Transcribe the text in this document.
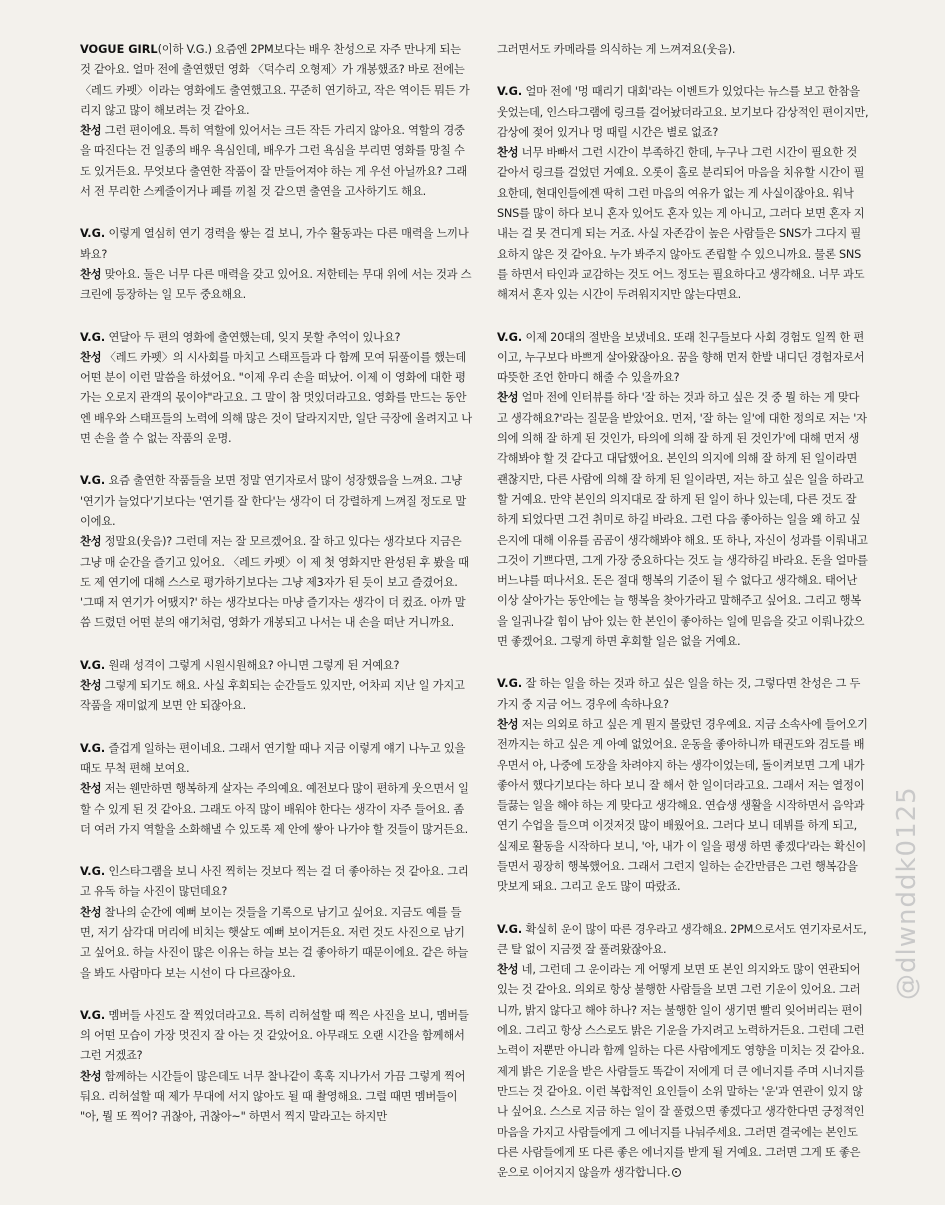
VOGUE GIRL(이하 V.G.) 요즘엔 2PM보다는 배우 찬성으로 자주 만나게 되는 것 같아요. 얼마 전에 출연했던 영화 〈덕수리 오형제〉가 개봉했죠? 바로 전에는 〈레드 카펫〉이라는 영화에도 출연했고요. 꾸준히 연기하고, 작은 역이든 뭐든 가리지 않고 많이 해보려는 것 같아요.

찬성 그런 편이에요. 특히 역할에 있어서는 크든 작든 가리지 않아요. 역할의 경중을 따진다는 건 일종의 배우 욕심인데, 배우가 그런 욕심을 부리면 영화를 망칠 수도 있거든요. 무엇보다 출연한 작품이 잘 만들어져야 하는 게 우선 아닐까요? 그래서 전 무리한 스케줄이거나 폐를 끼칠 것 같으면 출연을 고사하기도 해요.

V.G. 이렇게 열심히 연기 경력을 쌓는 걸 보니, 가수 활동과는 다른 매력을 느끼나 봐요?

찬성 맞아요. 둘은 너무 다른 매력을 갖고 있어요. 저한테는 무대 위에 서는 것과 스크린에 등장하는 일 모두 중요해요.

V.G. 연달아 두 편의 영화에 출연했는데, 잊지 못할 추억이 있나요?

찬성 〈레드 카펫〉의 시사회를 마치고 스태프들과 다 함께 모여 뒤풀이를 했는데 어떤 분이 이런 말씀을 하셨어요. "이제 우리 손을 떠났어. 이제 이 영화에 대한 평가는 오로지 관객의 몫이야"라고요. 그 말이 참 멋있더라고요. 영화를 만드는 동안엔 배우와 스태프들의 노력에 의해 많은 것이 달라지지만, 일단 극장에 올려지고 나면 손을 쓸 수 없는 작품의 운명.

V.G. 요즘 출연한 작품들을 보면 정말 연기자로서 많이 성장했음을 느껴요. 그냥 '연기가 늘었다'기보다는 '연기를 잘 한다'는 생각이 더 강렬하게 느껴질 정도로 말이에요.

찬성 정말요(웃음)? 그런데 저는 잘 모르겠어요. 잘 하고 있다는 생각보다 지금은 그냥 매 순간을 즐기고 있어요. 〈레드 카펫〉이 제 첫 영화지만 완성된 후 봤을 때도 제 연기에 대해 스스로 평가하기보다는 그냥 제3자가 된 듯이 보고 즐겼어요. '그때 저 연기가 어땠지?' 하는 생각보다는 마냥 즐기자는 생각이 더 컸죠. 아까 말씀 드렸던 어떤 분의 얘기처럼, 영화가 개봉되고 나서는 내 손을 떠난 거니까요.

V.G. 원래 성격이 그렇게 시원시원해요? 아니면 그렇게 된 거예요?

찬성 그렇게 되기도 해요. 사실 후회되는 순간들도 있지만, 어차피 지난 일 가지고 작품을 재미없게 보면 안 되잖아요.

V.G. 즐겁게 일하는 편이네요. 그래서 연기할 때나 지금 이렇게 얘기 나누고 있을 때도 무척 편해 보여요.

찬성 저는 웬만하면 행복하게 살자는 주의예요. 예전보다 많이 편하게 웃으면서 일할 수 있게 된 것 같아요. 그래도 아직 많이 배워야 한다는 생각이 자주 들어요. 좀더 여러 가지 역할을 소화해낼 수 있도록 제 안에 쌓아 나가야 할 것들이 많거든요.

V.G. 인스타그램을 보니 사진 찍히는 것보다 찍는 걸 더 좋아하는 것 같아요. 그리고 유독 하늘 사진이 많던데요?

찬성 찰나의 순간에 예뻐 보이는 것들을 기록으로 남기고 싶어요. 지금도 예를 들면, 저기 삼각대 머리에 비치는 햇살도 예뻐 보이거든요. 저런 것도 사진으로 남기고 싶어요. 하늘 사진이 많은 이유는 하늘 보는 걸 좋아하기 때문이에요. 같은 하늘을 봐도 사람마다 보는 시선이 다 다르잖아요.

V.G. 멤버들 사진도 잘 찍었더라고요. 특히 리허설할 때 찍은 사진을 보니, 멤버들의 어떤 모습이 가장 멋진지 잘 아는 것 같았어요. 아무래도 오랜 시간을 함께해서 그런 거겠죠?

찬성 함께하는 시간들이 많은데도 너무 찰나같이 훅훅 지나가서 가끔 그렇게 찍어둬요. 리허설할 때 제가 무대에 서지 않아도 될 때 촬영해요. 그럴 때면 멤버들이 "아, 뭘 또 찍어? 귀찮아, 귀찮아~" 하면서 찍지 말라고는 하지만

그러면서도 카메라를 의식하는 게 느껴져요(웃음).

V.G. 얼마 전에 '멍 때리기 대회'라는 이벤트가 있었다는 뉴스를 보고 한참을 웃었는데, 인스타그램에 링크를 걸어놨더라고요. 보기보다 감상적인 편이지만, 감상에 젖어 있거나 멍 때릴 시간은 별로 없죠?

찬성 너무 바빠서 그런 시간이 부족하긴 한데, 누구나 그런 시간이 필요한 것 같아서 링크를 걸었던 거예요. 오롯이 홀로 분리되어 마음을 치유할 시간이 필요한데, 현대인들에겐 딱히 그런 마음의 여유가 없는 게 사실이잖아요. 워낙 SNS를 많이 하다 보니 혼자 있어도 혼자 있는 게 아니고, 그러다 보면 혼자 지내는 걸 못 견디게 되는 거죠. 사실 자존감이 높은 사람들은 SNS가 그다지 필요하지 않은 것 같아요. 누가 봐주지 않아도 존립할 수 있으니까요. 물론 SNS를 하면서 타인과 교감하는 것도 어느 정도는 필요하다고 생각해요. 너무 과도해져서 혼자 있는 시간이 두려워지지만 않는다면요.

V.G. 이제 20대의 절반을 보냈네요. 또래 친구들보다 사회 경험도 일찍 한 편이고, 누구보다 바쁘게 살아왔잖아요. 꿈을 향해 먼저 한발 내디딘 경험자로서 따뜻한 조언 한마디 해줄 수 있을까요?

찬성 얼마 전에 인터뷰를 하다 '잘 하는 것과 하고 싶은 것 중 뭘 하는 게 맞다고 생각해요?'라는 질문을 받았어요. 먼저, '잘 하는 일'에 대한 정의로 저는 '자의에 의해 잘 하게 된 것인가, 타의에 의해 잘 하게 된 것인가'에 대해 먼저 생각해봐야 할 것 같다고 대답했어요. 본인의 의지에 의해 잘 하게 된 일이라면 괜찮지만, 다른 사람에 의해 잘 하게 된 일이라면, 저는 하고 싶은 일을 하라고 할 거예요. 만약 본인의 의지대로 잘 하게 된 일이 하나 있는데, 다른 것도 잘 하게 되었다면 그건 취미로 하길 바라요. 그런 다음 좋아하는 일을 왜 하고 싶은지에 대해 이유를 곰곰이 생각해봐야 해요. 또 하나, 자신이 성과를 이뤄내고 그것이 기쁘다면, 그게 가장 중요하다는 것도 늘 생각하길 바라요. 돈을 얼마를 버느냐를 떠나서요. 돈은 절대 행복의 기준이 될 수 없다고 생각해요. 태어난 이상 살아가는 동안에는 늘 행복을 찾아가라고 말해주고 싶어요. 그리고 행복을 일궈나갈 힘이 남아 있는 한 본인이 좋아하는 일에 믿음을 갖고 이뤄나갔으면 좋겠어요. 그렇게 하면 후회할 일은 없을 거예요.

V.G. 잘 하는 일을 하는 것과 하고 싶은 일을 하는 것, 그렇다면 찬성은 그 두 가지 중 지금 어느 경우에 속하나요?

찬성 저는 의외로 하고 싶은 게 뭔지 몰랐던 경우예요. 지금 소속사에 들어오기 전까지는 하고 싶은 게 아예 없었어요. 운동을 좋아하니까 태권도와 검도를 배우면서 아, 나중에 도장을 차려야지 하는 생각이었는데, 돌이켜보면 그게 내가 좋아서 했다기보다는 하다 보니 잘 해서 한 일이더라고요. 그래서 저는 열정이 들끓는 일을 해야 하는 게 맞다고 생각해요. 연습생 생활을 시작하면서 음악과 연기 수업을 들으며 이것저것 많이 배웠어요. 그러다 보니 데뷔를 하게 되고, 실제로 활동을 시작하다 보니, '아, 내가 이 일을 평생 하면 좋겠다'라는 확신이 들면서 굉장히 행복했어요. 그래서 그런지 일하는 순간만큼은 그런 행복감을 맛보게 돼요. 그리고 운도 많이 따랐죠.

V.G. 확실히 운이 많이 따른 경우라고 생각해요. 2PM으로서도 연기자로서도, 큰 탈 없이 지금껏 잘 풀려왔잖아요.

찬성 네, 그런데 그 운이라는 게 어떻게 보면 또 본인 의지와도 많이 연관되어 있는 것 같아요. 의외로 항상 불행한 사람들을 보면 그런 기운이 있어요. 그러니까, 밝지 않다고 해야 하나? 저는 불행한 일이 생기면 빨리 잊어버리는 편이에요. 그리고 항상 스스로도 밝은 기운을 가지려고 노력하거든요. 그런데 그런 노력이 저뿐만 아니라 함께 일하는 다른 사람에게도 영향을 미치는 것 같아요. 제게 밝은 기운을 받은 사람들도 똑같이 저에게 더 큰 에너지를 주며 시너지를 만드는 것 같아요. 이런 복합적인 요인들이 소위 말하는 '운'과 연관이 있지 않나 싶어요. 스스로 지금 하는 일이 잘 풀렸으면 좋겠다고 생각한다면 긍정적인 마음을 가지고 사람들에게 그 에너지를 나눠주세요. 그러면 결국에는 본인도 다른 사람들에게 또 다른 좋은 에너지를 받게 될 거예요. 그러면 그게 또 좋은 운으로 이어지지 않을까 생각합니다.

@dlwnddk0125
